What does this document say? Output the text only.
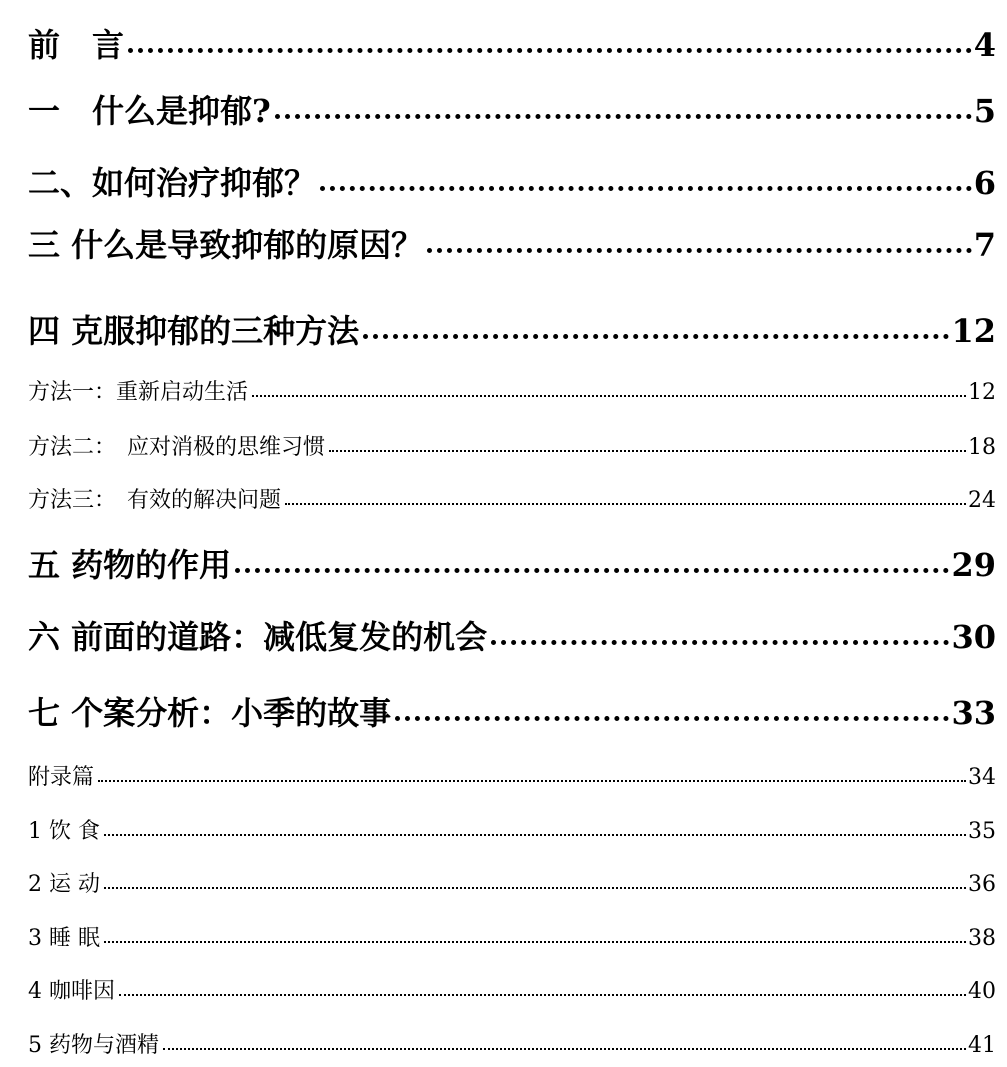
前　言	4
一　什么是抑郁?	5
二、如何治疗抑郁？	6
三 什么是导致抑郁的原因？	7
四 克服抑郁的三种方法	12
方法一：重新启动生活	12
方法二：　应对消极的思维习惯	18
方法三：　有效的解决问题	24
五 药物的作用	29
六 前面的道路：减低复发的机会	30
七 个案分析：小季的故事	33
附录篇	34
1 饮 食	35
2 运 动	36
3 睡 眠	38
4 咖啡因	40
5 药物与酒精	41
